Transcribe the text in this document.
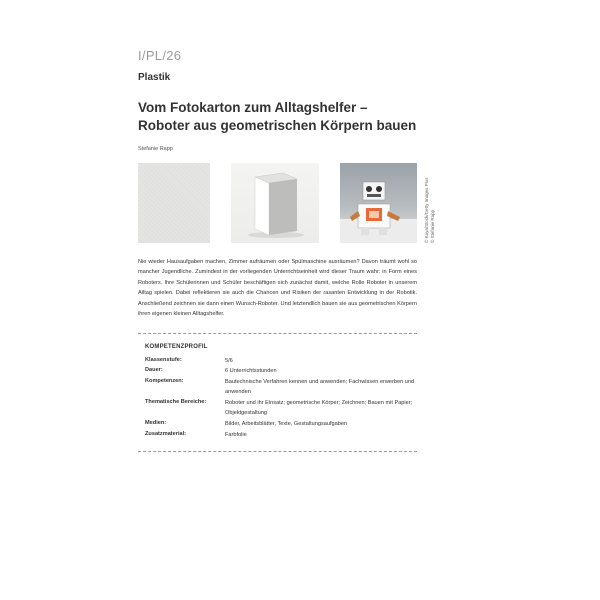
I/PL/26
Plastik
Vom Fotokarton zum Alltagshelfer –
Roboter aus geometrischen Körpern bauen
Stefanie Rapp
© Kaya/Stock/Getty Images Plus © Stefanie Rapp
Nie wieder Hausaufgaben machen, Zimmer aufräumen oder Spülmaschine ausräumen? Davon träumt wohl so mancher Jugendliche. Zumindest in der vorliegenden Unterrichtseinheit wird dieser Traum wahr: in Form eines Roboters. Ihre Schülerinnen und Schüler beschäftigen sich zunächst damit, welche Rolle Roboter in unserem Alltag spielen. Dabei reflektieren sie auch die Chancen und Risiken der rasanten Entwicklung in der Robotik. Anschließend zeichnen sie dann einen Wunsch-Roboter. Und letztendlich bauen sie aus geometrischen Körpern ihren eigenen kleinen Alltagshelfer.
KOMPETENZPROFIL
Klassenstufe:	5/6
Dauer:	6 Unterrichtsstunden
Kompetenzen:	Bautechnische Verfahren kennen und anwenden; Fachwissen erwerben und anwenden
Thematische Bereiche:	Roboter und ihr Einsatz; geometrische Körper; Zeichnen; Bauen mit Papier; Objektgestaltung
Medien:	Bilder, Arbeitsblätter, Texte, Gestaltungsaufgaben
Zusatzmaterial:	Farbfolie
